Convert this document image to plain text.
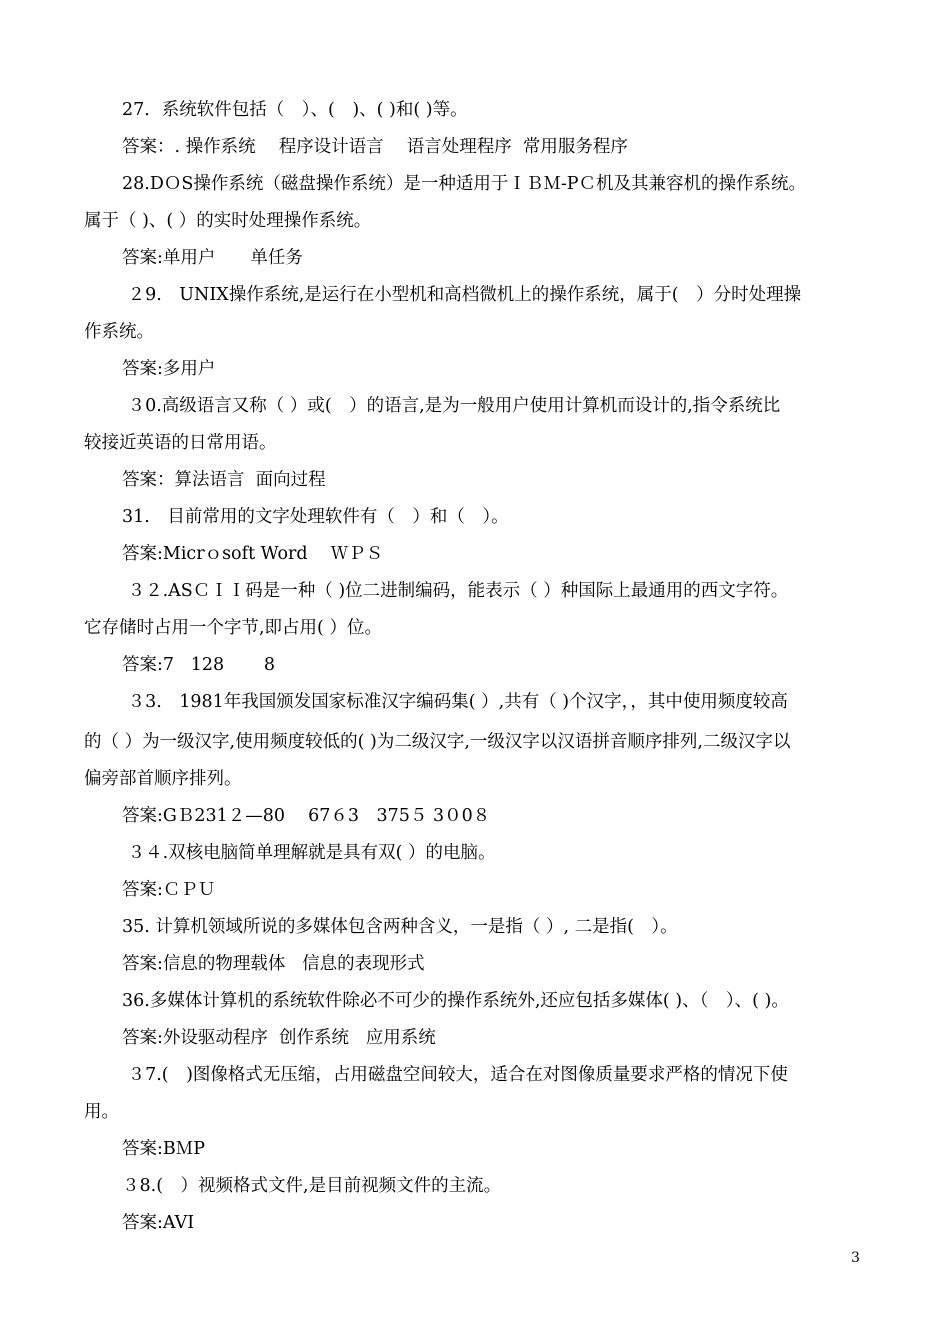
27．系统软件包括（　）、(　)、( )和( )等。
答案：. 操作系统　 程序设计语言　 语言处理程序  常用服务程序
28.DＯS操作系统（磁盘操作系统）是一种适用于ＩＢＭ-PＣ机及其兼容机的操作系统。
属于（ )、( ）的实时处理操作系统。
答案:单用户　　单任务
２9.　UNIX操作系统,是运行在小型机和高档微机上的操作系统，属于(　）分时处理操
作系统。
答案:多用户
３0.高级语言又称（ ）或(　）的语言,是为一般用户使用计算机而设计的,指令系统比
较接近英语的日常用语。
答案：算法语言  面向过程
31.　目前常用的文字处理软件有（　）和（　）。
答案:Micrｏsoft Word　 ＷＰＳ
３２.ASＣＩＩ码是一种（ )位二进制编码，能表示（ ）种国际上最通用的西文字符。
它存储时占用一个字节,即占用( ）位。
答案:7   128　    8
３3.　1981年我国颁发国家标准汉字编码集( ）,共有（ )个汉字，，其中使用频度较高
的（ ）为一级汉字,使用频度较低的( )为二级汉字,一级汉字以汉语拼音顺序排列,二级汉字以
偏旁部首顺序排列。
答案:GＢ231２—80　 67６3　375５ 3０0８
３４.双核电脑简单理解就是具有双( ）的电脑。
答案:ＣＰＵ
35. 计算机领域所说的多媒体包含两种含义，一是指（ ）, 二是指(　）。
答案:信息的物理载体   信息的表现形式
36.多媒体计算机的系统软件除必不可少的操作系统外,还应包括多媒体( )、（　）、( )。
答案:外设驱动程序  创作系统   应用系统
３7.(　)图像格式无压缩，占用磁盘空间较大，适合在对图像质量要求严格的情况下使
用。
答案:BＭP
３8.(　）视频格式文件,是目前视频文件的主流。
答案:AVI
3
